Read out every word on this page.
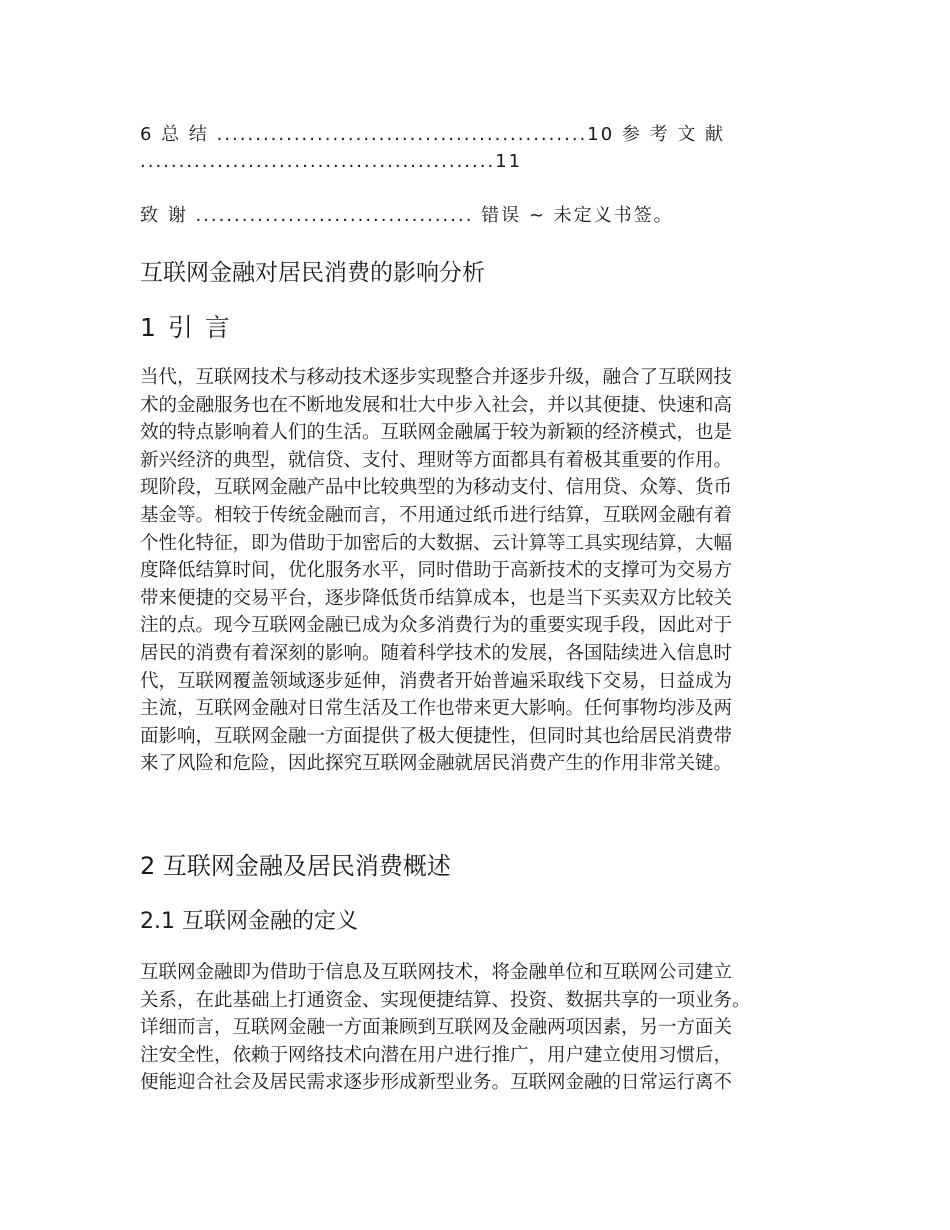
6 总 结 ................................................10 参 考 文 献
..............................................11
致 谢 .................................... 错误 ~ 未定义书签。
互联网金融对居民消费的影响分析
1 引 言
当代，互联网技术与移动技术逐步实现整合并逐步升级，融合了互联网技
术的金融服务也在不断地发展和壮大中步入社会，并以其便捷、快速和高
效的特点影响着人们的生活。互联网金融属于较为新颖的经济模式，也是
新兴经济的典型，就信贷、支付、理财等方面都具有着极其重要的作用。
现阶段，互联网金融产品中比较典型的为移动支付、信用贷、众筹、货币
基金等。相较于传统金融而言，不用通过纸币进行结算，互联网金融有着
个性化特征，即为借助于加密后的大数据、云计算等工具实现结算，大幅
度降低结算时间，优化服务水平，同时借助于高新技术的支撑可为交易方
带来便捷的交易平台，逐步降低货币结算成本，也是当下买卖双方比较关
注的点。现今互联网金融已成为众多消费行为的重要实现手段，因此对于
居民的消费有着深刻的影响。随着科学技术的发展，各国陆续进入信息时
代，互联网覆盖领域逐步延伸，消费者开始普遍采取线下交易，日益成为
主流，互联网金融对日常生活及工作也带来更大影响。任何事物均涉及两
面影响，互联网金融一方面提供了极大便捷性，但同时其也给居民消费带
来了风险和危险，因此探究互联网金融就居民消费产生的作用非常关键。
2 互联网金融及居民消费概述
2.1 互联网金融的定义
互联网金融即为借助于信息及互联网技术，将金融单位和互联网公司建立
关系，在此基础上打通资金、实现便捷结算、投资、数据共享的一项业务。
详细而言，互联网金融一方面兼顾到互联网及金融两项因素，另一方面关
注安全性，依赖于网络技术向潜在用户进行推广，用户建立使用习惯后，
便能迎合社会及居民需求逐步形成新型业务。互联网金融的日常运行离不
